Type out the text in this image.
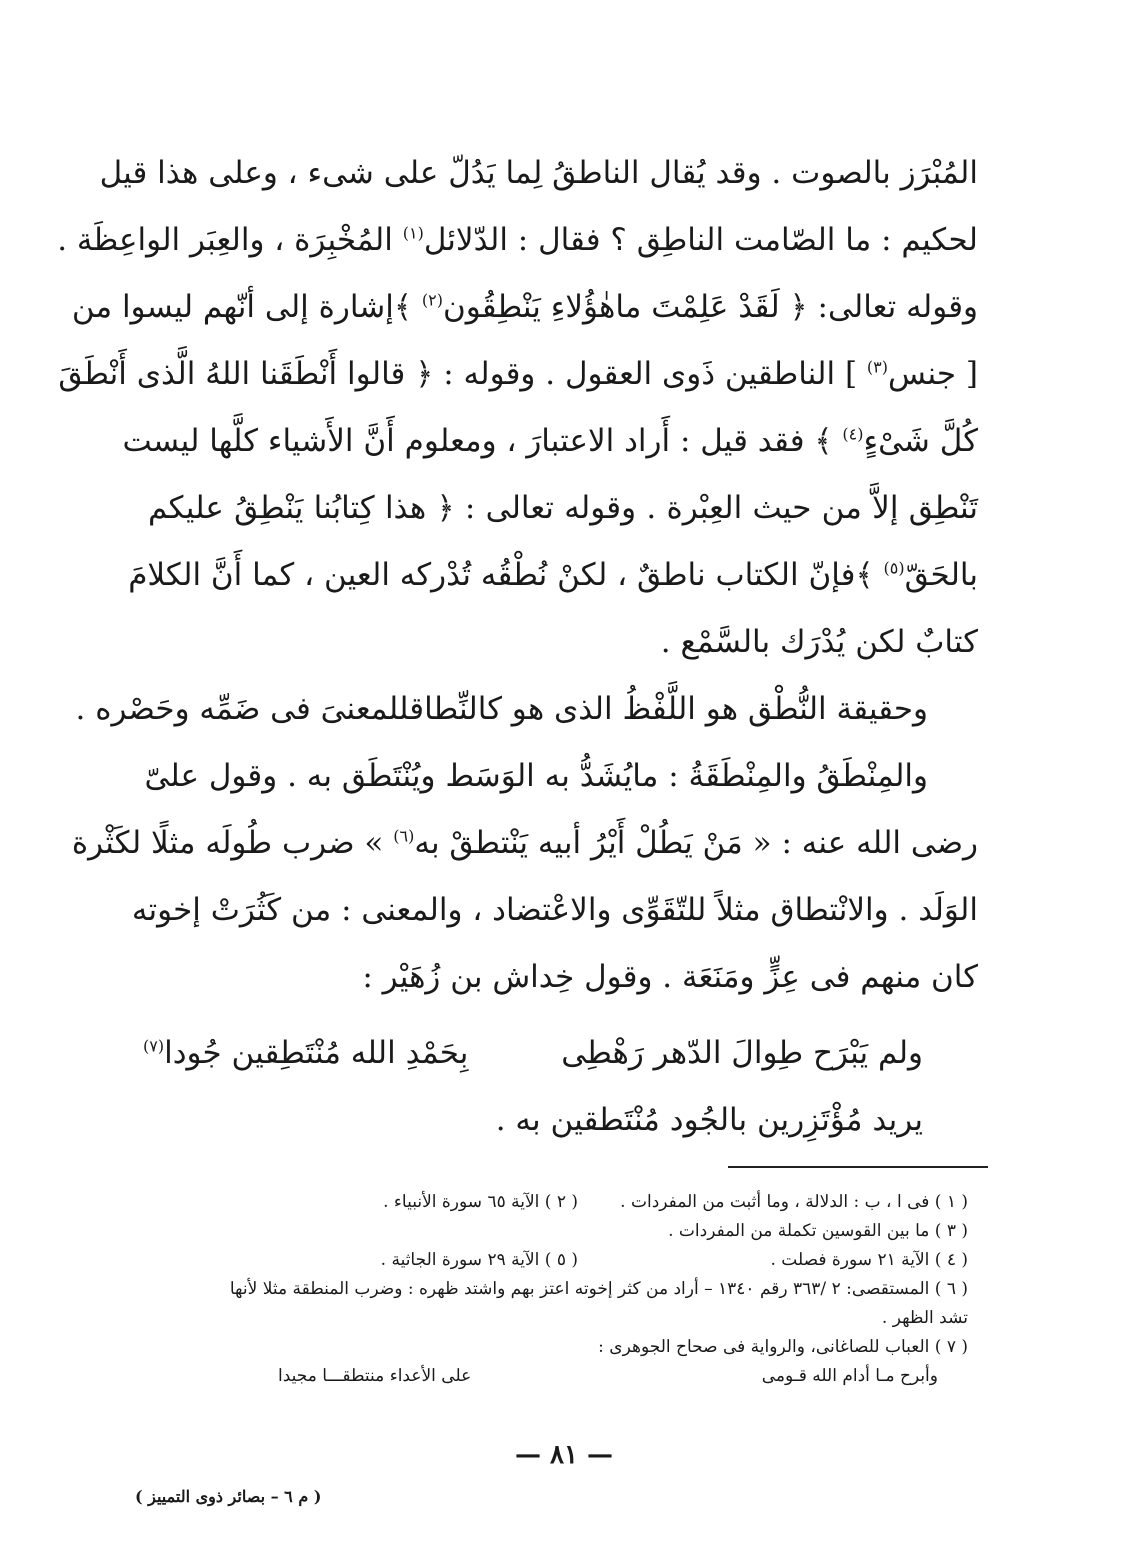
المُبْرَز بالصوت . وقد يُقال الناطقُ لِما يَدُلّ على شىء ، وعلى هذا قيل
لحكيم : ما الصّامت الناطِق ؟ فقال : الدّلائل$^{(١)}$ المُخْبِرَة ، والعِبَر الواعِظَة .
وقوله تعالى: ﴿ لَقَدْ عَلِمْتَ ماهٰؤُلاءِ يَنْطِقُون$^{(٢)}$ ﴾إشارة إلى أنّهم ليسوا من
[ جنس$^{(٣)}$ ] الناطقين ذَوى العقول . وقوله : ﴿ قالوا أَنْطَقَنا اللهُ الَّذى أَنْطَقَ
كُلَّ شَىْءٍ$^{(٤)}$ ﴾ فقد قيل : أَراد الاعتبارَ ، ومعلوم أَنَّ الأَشياء كلَّها ليست
تَنْطِق إلاَّ من حيث العِبْرة . وقوله تعالى : ﴿ هذا كِتابُنا يَنْطِقُ عليكم
بالحَقّ$^{(٥)}$ ﴾فإنّ الكتاب ناطقٌ ، لكنْ نُطْقُه تُدْركه العين ، كما أَنَّ الكلامَ
كتابٌ لكن يُدْرَك بالسَّمْع .
وحقيقة النُّطْق هو اللَّفْظُ الذى هو كالنِّطاقللمعنىَ فى ضَمِّه وحَصْره .
والمِنْطَقُ والمِنْطَقَةُ : مايُشَدُّ به الوَسَط ويُنْتَطَق به . وقول علىّ
رضى الله عنه : « مَنْ يَطُلْ أَيْرُ أبيه يَنْتطقْ به$^{(٦)}$ » ضرب طُولَه مثلًا لكَثْرة
الوَلَد . والانْتطاق مثلاً للتّقَوِّى والاعْتضاد ، والمعنى : من كَثُرَتْ إخوته
كان منهم فى عِزٍّ ومَنَعَة . وقول خِداش بن زُهَيْر :
ولم يَبْرَح طِوالَ الدّهر رَهْطِى
بِحَمْدِ الله مُنْتَطِقين جُودا$^{(٧)}$
يريد مُؤْتَزِرين بالجُود مُنْتَطقين به .
( ١ ) فى ا ، ب : الدلالة ، وما أثبت من المفردات .
( ٢ ) الآية ٦٥ سورة الأنبياء .
( ٣ ) ما بين القوسين تكملة من المفردات .
( ٤ ) الآية ٢١ سورة فصلت .
( ٥ ) الآية ٢٩ سورة الجاثية .
( ٦ ) المستقصى: ٢ /٣٦٣ رقم ١٣٤٠ – أراد من كثر إخوته اعتز بهم واشتد ظهره : وضرب المنطقة مثلا لأنها
تشد الظهر .
( ٧ ) العباب للصاغانى، والرواية فى صحاح الجوهرى :
وأبرح مـا أدام الله قـومى
على الأعداء منتطقـــا مجيدا
— ٨١ —
( م ٦ – بصائر ذوى التمييز )
